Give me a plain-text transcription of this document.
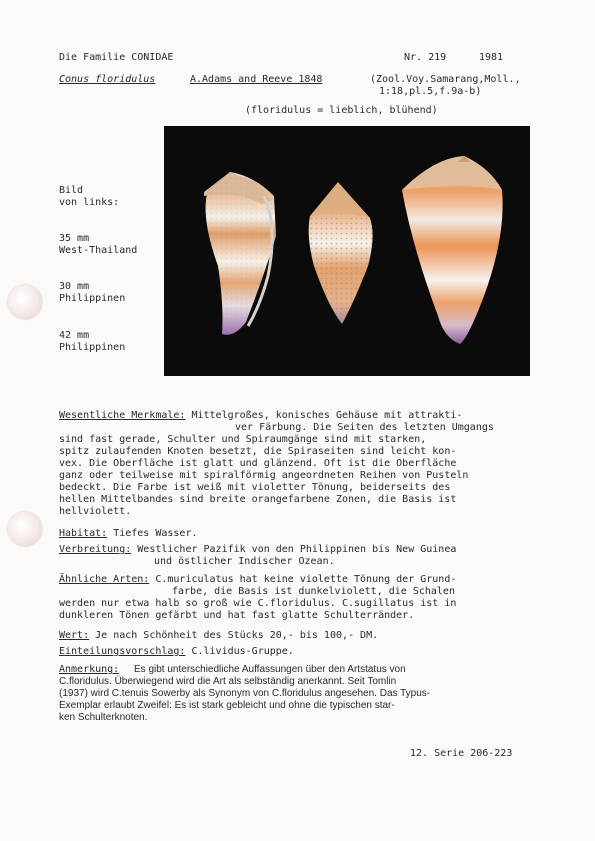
Die Familie CONIDAE	Nr. 219	1981
Conus floridulus	A.Adams and Reeve 1848	(Zool.Voy.Samarang,Moll.,
1:18,pl.5,f.9a-b)
(floridulus = lieblich, blühend)
Bild
von links:
35 mm
West-Thailand
30 mm
Philippinen
42 mm
Philippinen
Wesentliche Merkmale: Mittelgroßes, konisches Gehäuse mit attrakti-
ver Färbung. Die Seiten des letzten Umgangs
sind fast gerade, Schulter und Spiraumgänge sind mit starken,
spitz zulaufenden Knoten besetzt, die Spiraseiten sind leicht kon-
vex. Die Oberfläche ist glatt und glänzend. Oft ist die Oberfläche
ganz oder teilweise mit spiralförmig angeordneten Reihen von Pusteln
bedeckt. Die Farbe ist weiß mit violetter Tönung, beiderseits des
hellen Mittelbandes sind breite orangefarbene Zonen, die Basis ist
hellviolett.
Habitat: Tiefes Wasser.
Verbreitung: Westlicher Pazifik von den Philippinen bis New Guinea
und östlicher Indischer Ozean.
Ähnliche Arten: C.muriculatus hat keine violette Tönung der Grund-
farbe, die Basis ist dunkelviolett, die Schalen
werden nur etwa halb so groß wie C.floridulus. C.sugillatus ist in
dunkleren Tönen gefärbt und hat fast glatte Schulterränder.
Wert: Je nach Schönheit des Stücks 20,- bis 100,- DM.
Einteilungsvorschlag: C.lividus-Gruppe.
Anmerkung: Es gibt unterschiedliche Auffassungen über den Artstatus von
C.floridulus. Überwiegend wird die Art als selbständig anerkannt. Seit Tomlin
(1937) wird C.tenuis Sowerby als Synonym von C.floridulus angesehen. Das Typus-
Exemplar erlaubt Zweifel: Es ist stark gebleicht und ohne die typischen star-
ken Schulterknoten.
12. Serie 206-223
